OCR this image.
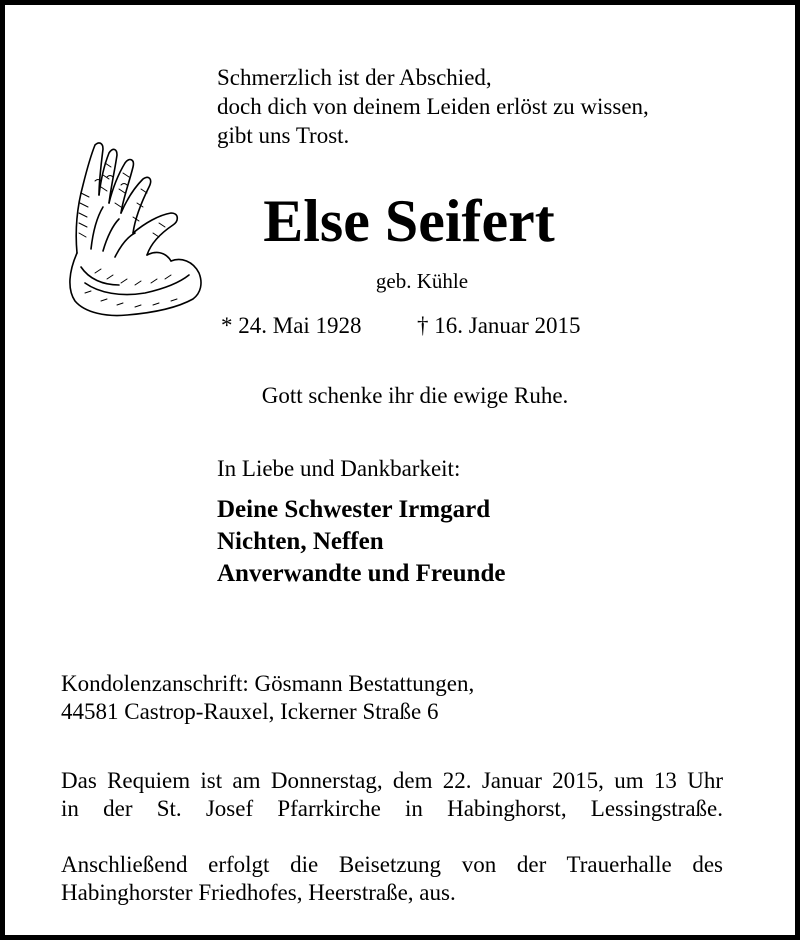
Schmerzlich ist der Abschied,
doch dich von deinem Leiden erlöst zu wissen,
gibt uns Trost.
Else Seifert
geb. Kühle
* 24. Mai 1928 † 16. Januar 2015
Gott schenke ihr die ewige Ruhe.
In Liebe und Dankbarkeit:
Deine Schwester Irmgard
Nichten, Neffen
Anverwandte und Freunde
Kondolenzanschrift: Gösmann Bestattungen,
44581 Castrop-Rauxel, Ickerner Straße 6
Das Requiem ist am Donnerstag, dem 22. Januar 2015, um 13 Uhr
in der St. Josef Pfarrkirche in Habinghorst, Lessingstraße.
Anschließend erfolgt die Beisetzung von der Trauerhalle des
Habinghorster Friedhofes, Heerstraße, aus.
